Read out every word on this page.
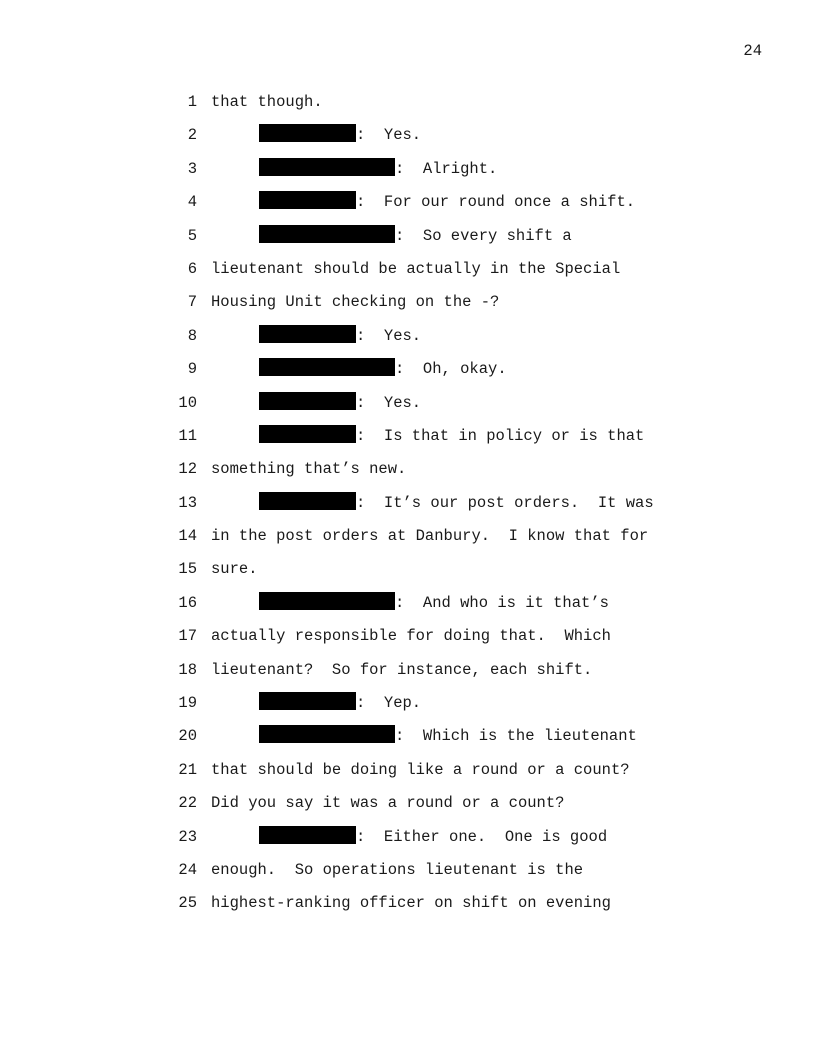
24
1 that though.
2	:  Yes.
3	:  Alright.
4	:  For our round once a shift.
5	:  So every shift a
6 lieutenant should be actually in the Special
7 Housing Unit checking on the -?
8	:  Yes.
9	:  Oh, okay.
10	:  Yes.
11	:  Is that in policy or is that
12 something that’s new.
13	:  It’s our post orders.  It was
14 in the post orders at Danbury.  I know that for
15 sure.
16	:  And who is it that’s
17 actually responsible for doing that.  Which
18 lieutenant?  So for instance, each shift.
19	:  Yep.
20	:  Which is the lieutenant
21 that should be doing like a round or a count?
22 Did you say it was a round or a count?
23	:  Either one.  One is good
24 enough.  So operations lieutenant is the
25 highest-ranking officer on shift on evening
